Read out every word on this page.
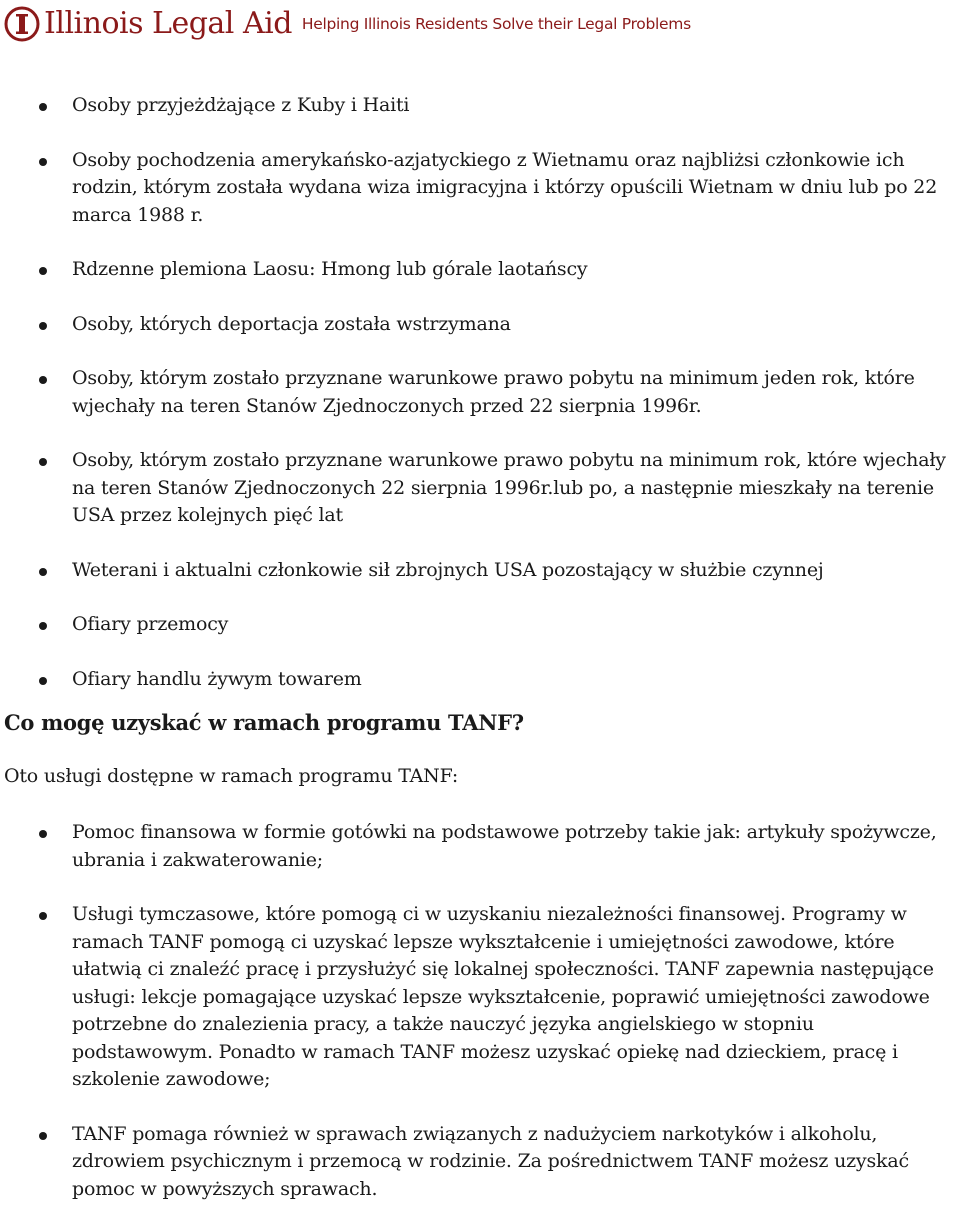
Illinois Legal Aid Helping Illinois Residents Solve their Legal Problems
Osoby przyjeżdżające z Kuby i Haiti
Osoby pochodzenia amerykańsko-azjatyckiego z Wietnamu oraz najbliżsi członkowie ich rodzin, którym została wydana wiza imigracyjna i którzy opuścili Wietnam w dniu lub po 22 marca 1988 r.
Rdzenne plemiona Laosu: Hmong lub górale laotańscy
Osoby, których deportacja została wstrzymana
Osoby, którym zostało przyznane warunkowe prawo pobytu na minimum jeden rok, które wjechały na teren Stanów Zjednoczonych przed 22 sierpnia 1996r.
Osoby, którym zostało przyznane warunkowe prawo pobytu na minimum rok, które wjechały na teren Stanów Zjednoczonych 22 sierpnia 1996r.lub po, a następnie mieszkały na terenie USA przez kolejnych pięć lat
Weterani i aktualni członkowie sił zbrojnych USA pozostający w służbie czynnej
Ofiary przemocy
Ofiary handlu żywym towarem
Co mogę uzyskać w ramach programu TANF?

Oto usługi dostępne w ramach programu TANF:

Pomoc finansowa w formie gotówki na podstawowe potrzeby takie jak: artykuły spożywcze, ubrania i zakwaterowanie;
Usługi tymczasowe, które pomogą ci w uzyskaniu niezależności finansowej. Programy w ramach TANF pomogą ci uzyskać lepsze wykształcenie i umiejętności zawodowe, które ułatwią ci znaleźć pracę i przysłużyć się lokalnej społeczności. TANF zapewnia następujące usługi: lekcje pomagające uzyskać lepsze wykształcenie, poprawić umiejętności zawodowe potrzebne do znalezienia pracy, a także nauczyć języka angielskiego w stopniu podstawowym. Ponadto w ramach TANF możesz uzyskać opiekę nad dzieckiem, pracę i szkolenie zawodowe;
TANF pomaga również w sprawach związanych z nadużyciem narkotyków i alkoholu, zdrowiem psychicznym i przemocą w rodzinie. Za pośrednictwem TANF możesz uzyskać pomoc w powyższych sprawach.
